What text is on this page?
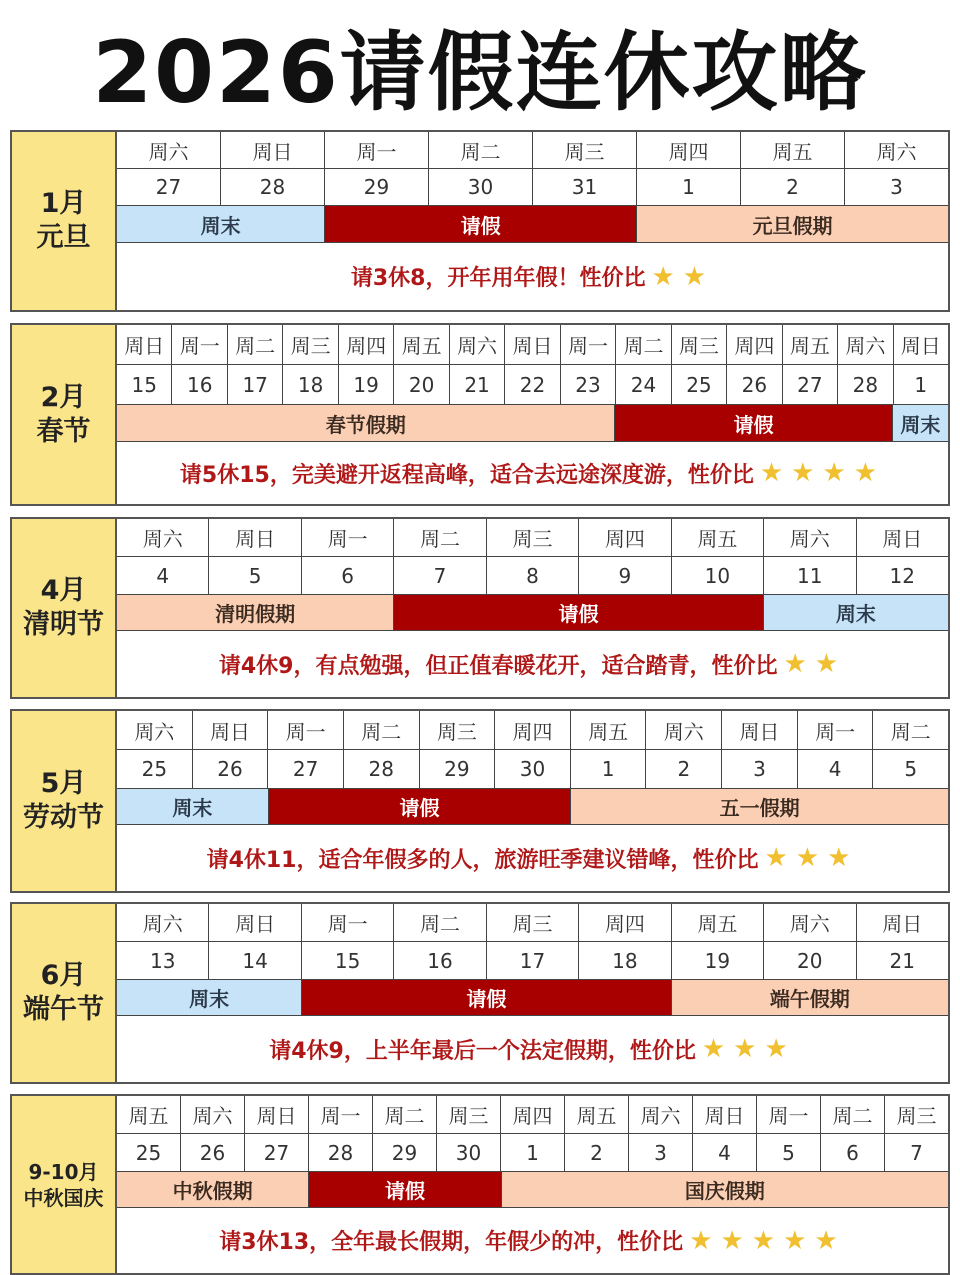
2026请假连休攻略
1月
元旦
周六	周日	周一	周二	周三	周四	周五	周六
27	28	29	30	31	1	2	3
周末	请假	元旦假期
请3休8，开年用年假！性价比 ★★
2月
春节
周日 周一 周二 周三 周四 周五 周六 周日 周一 周二 周三 周四 周五 周六 周日
15	16	17	18	19	20	21	22	23	24	25	26	27	28	1
春节假期	请假	周末
请5休15，完美避开返程高峰，适合去远途深度游，性价比 ★★★★
4月
清明节
周六	周日	周一	周二	周三	周四	周五	周六	周日
4	5	6	7	8	9	10	11	12
清明假期	请假	周末
请4休9，有点勉强，但正值春暖花开，适合踏青，性价比 ★★
5月
劳动节
周六	周日	周一	周二	周三	周四	周五	周六	周日	周一	周二
25	26	27	28	29	30	1	2	3	4	5
周末	请假	五一假期
请4休11，适合年假多的人，旅游旺季建议错峰，性价比 ★★★
6月
端午节
周六	周日	周一	周二	周三	周四	周五	周六	周日
13	14	15	16	17	18	19	20	21
周末	请假	端午假期
请4休9，上半年最后一个法定假期，性价比 ★★★
9-10月
中秋国庆
周五	周六	周日	周一	周二	周三	周四	周五	周六	周日	周一	周二	周三
25	26	27	28	29	30	1	2	3	4	5	6	7
中秋假期	请假	国庆假期
请3休13，全年最长假期，年假少的冲，性价比 ★★★★★
